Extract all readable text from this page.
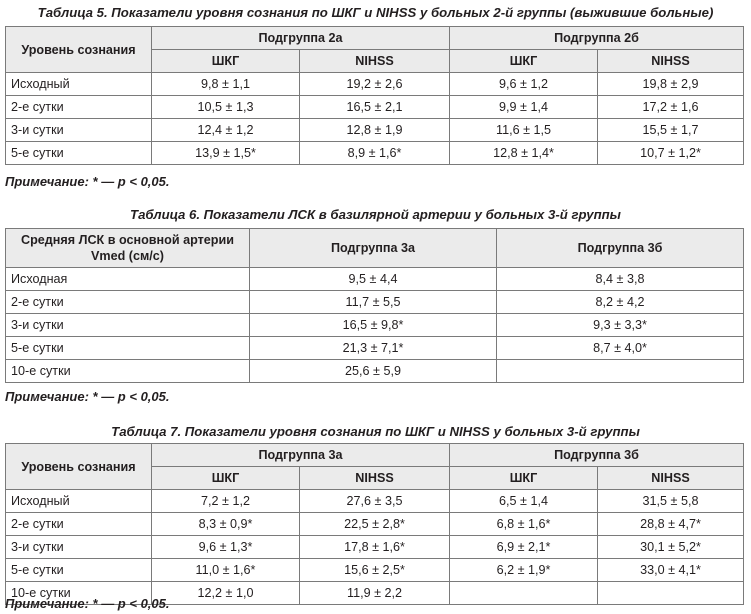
Таблица 5. Показатели уровня сознания по ШКГ и NIHSS у больных 2-й группы (выжившие больные)
Уровень сознания	Подгруппа 2а		Подгруппа 2б	
	ШКГ	NIHSS	ШКГ	NIHSS
Исходный	9,8 ± 1,1	19,2 ± 2,6	9,6 ± 1,2	19,8 ± 2,9
2-е сутки	10,5 ± 1,3	16,5 ± 2,1	9,9 ± 1,4	17,2 ± 1,6
3-и сутки	12,4 ± 1,2	12,8 ± 1,9	11,6 ± 1,5	15,5 ± 1,7
5-е сутки	13,9 ± 1,5*	8,9 ± 1,6*	12,8 ± 1,4*	10,7 ± 1,2*
Примечание: * — р < 0,05.
Таблица 6. Показатели ЛСК в базилярной артерии у больных 3-й группы
Средняя ЛСК в основной артерии Vmed (см/с)	Подгруппа 3а	Подгруппа 3б
Исходная	9,5 ± 4,4	8,4 ± 3,8
2-е сутки	11,7 ± 5,5	8,2 ± 4,2
3-и сутки	16,5 ± 9,8*	9,3 ± 3,3*
5-е сутки	21,3 ± 7,1*	8,7 ± 4,0*
10-е сутки	25,6 ± 5,9	
Примечание: * — р < 0,05.
Таблица 7. Показатели уровня сознания по ШКГ и NIHSS у больных 3-й группы
Уровень сознания	Подгруппа 3а		Подгруппа 3б	
	ШКГ	NIHSS	ШКГ	NIHSS
Исходный	7,2 ± 1,2	27,6 ± 3,5	6,5 ± 1,4	31,5 ± 5,8
2-е сутки	8,3 ± 0,9*	22,5 ± 2,8*	6,8 ± 1,6*	28,8 ± 4,7*
3-и сутки	9,6 ± 1,3*	17,8 ± 1,6*	6,9 ± 2,1*	30,1 ± 5,2*
5-е сутки	11,0 ± 1,6*	15,6 ± 2,5*	6,2 ± 1,9*	33,0 ± 4,1*
10-е сутки	12,2 ± 1,0	11,9 ± 2,2		
Примечание: * — р < 0,05.
